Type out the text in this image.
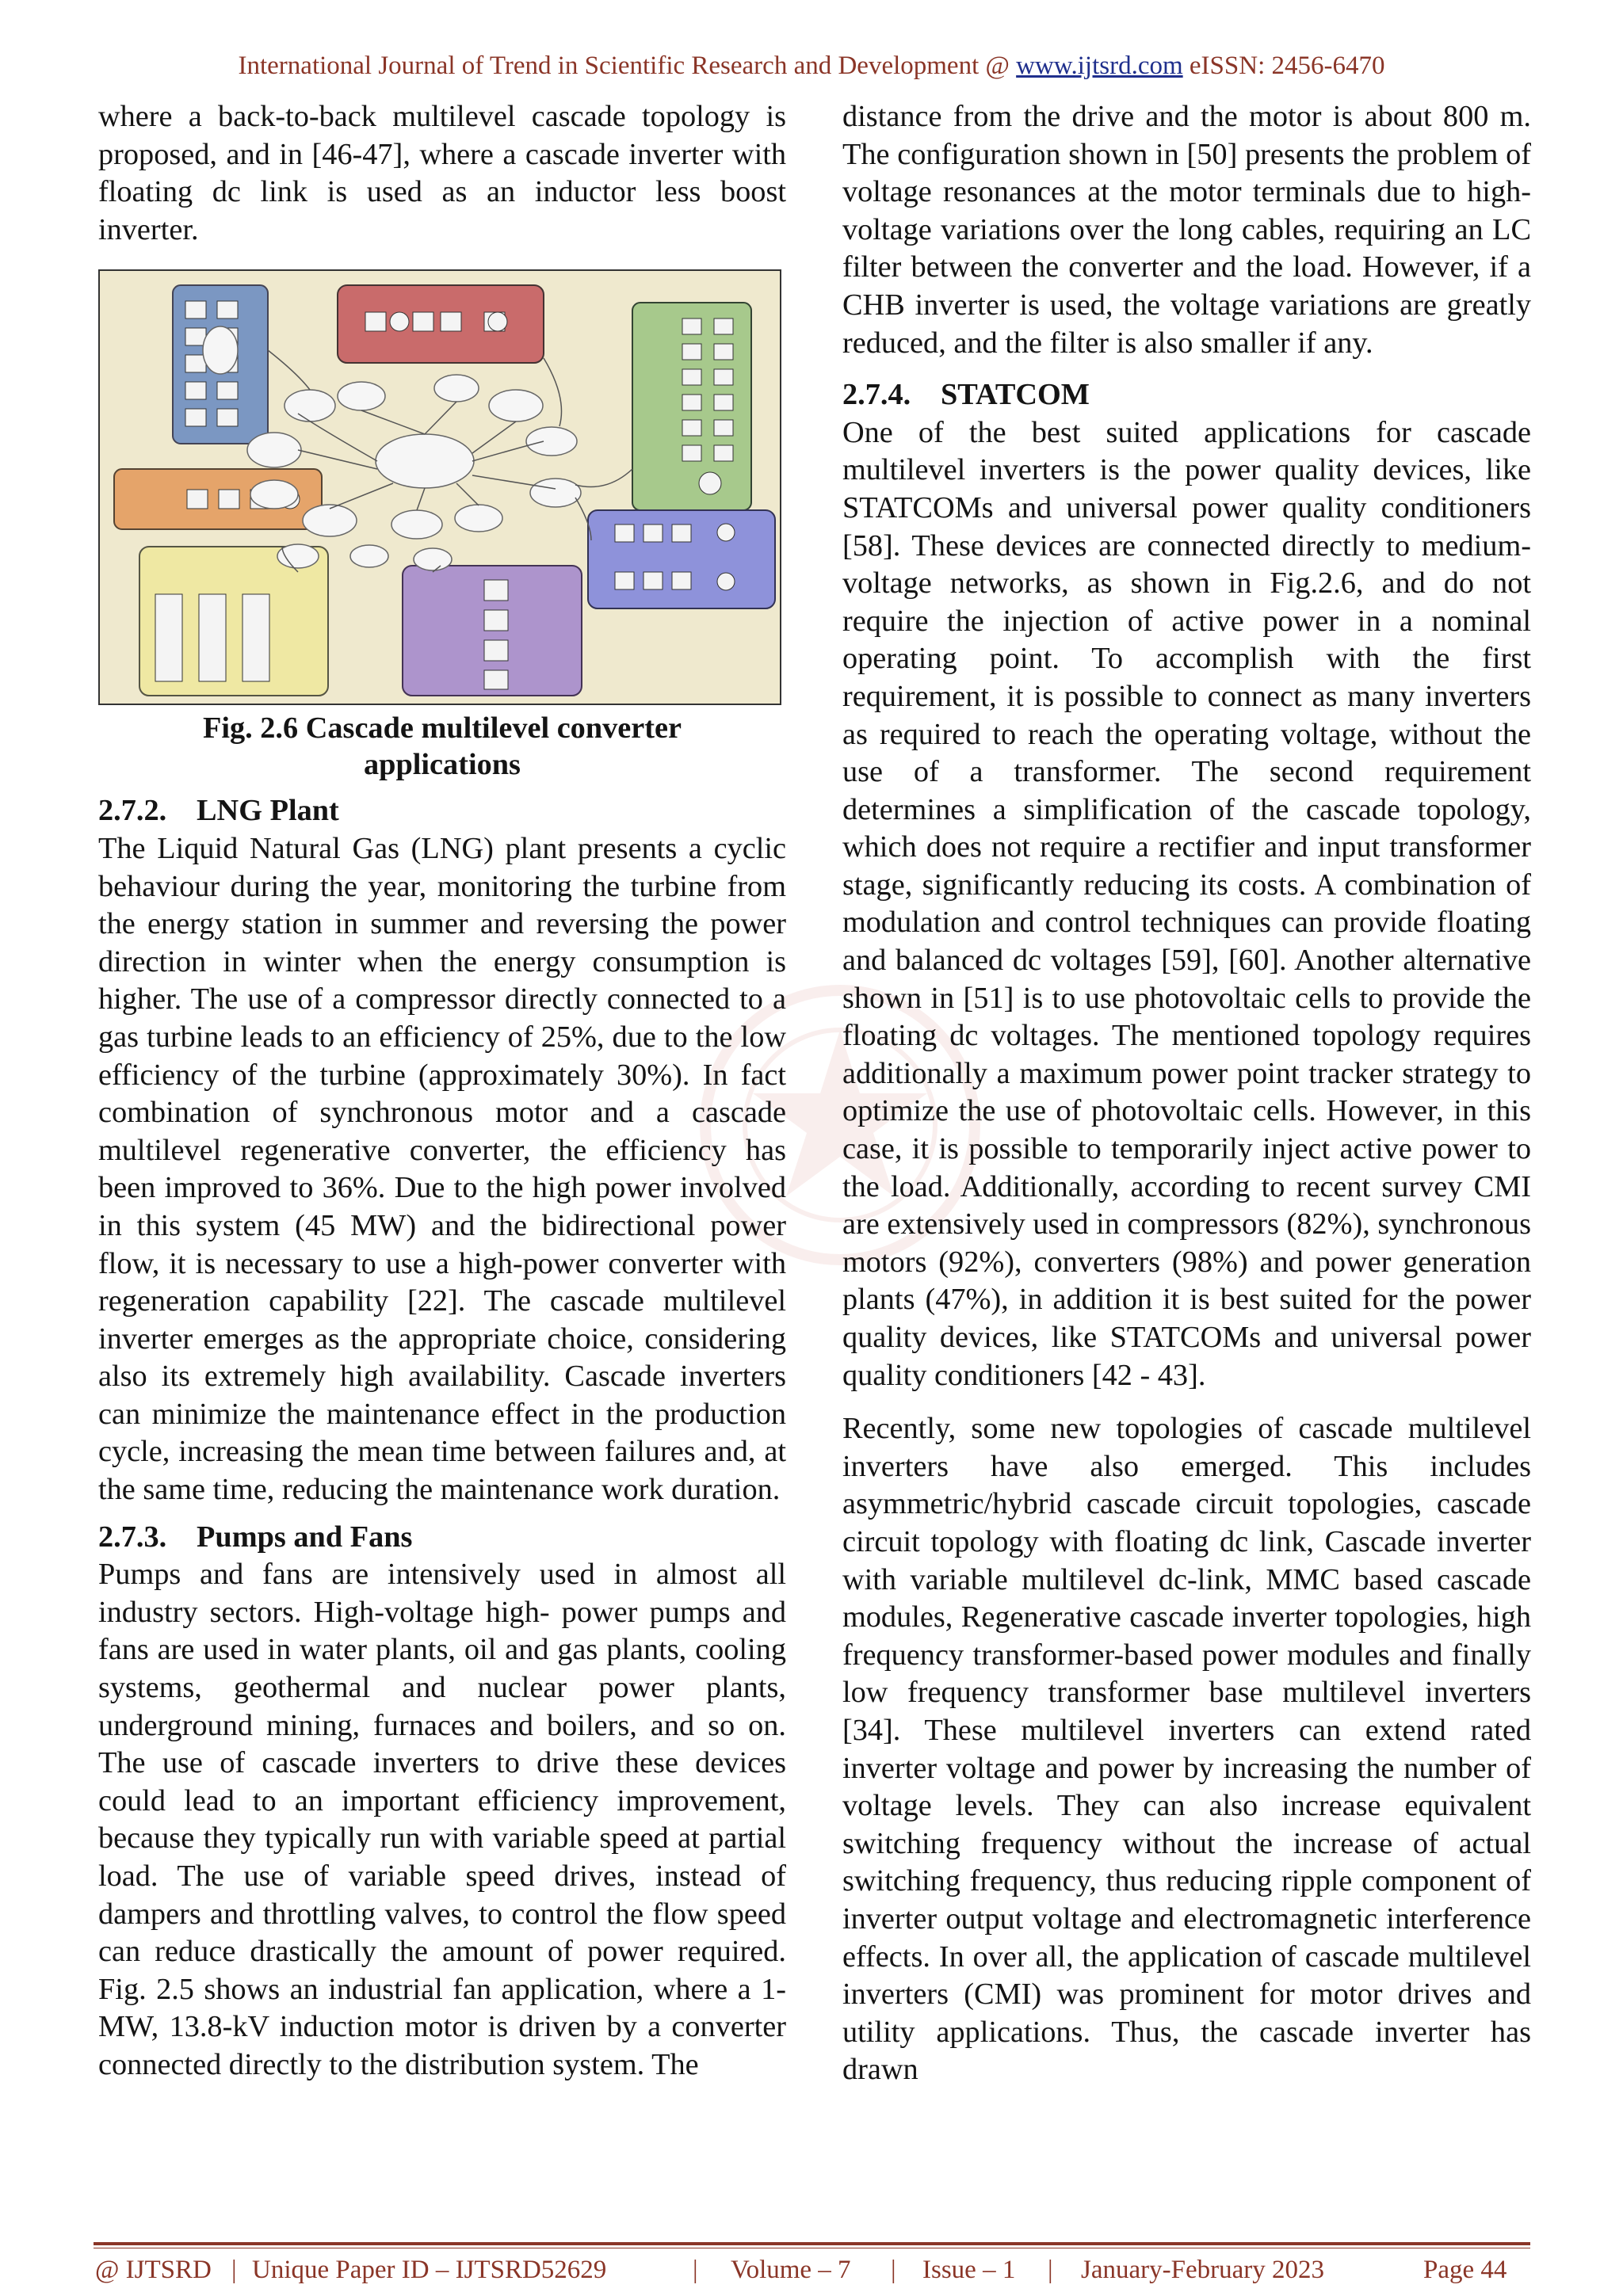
International Journal of Trend in Scientific Research and Development @ www.ijtsrd.com eISSN: 2456-6470

where a back-to-back multilevel cascade topology is proposed, and in [46-47], where a cascade inverter with floating dc link is used as an inductor less boost inverter.

Fig. 2.6 Cascade multilevel converter
applications
2.7.2. LNG Plant

The Liquid Natural Gas (LNG) plant presents a cyclic behaviour during the year, monitoring the turbine from the energy station in summer and reversing the power direction in winter when the energy consumption is higher. The use of a compressor directly connected to a gas turbine leads to an efficiency of 25%, due to the low efficiency of the turbine (approximately 30%). In fact combination of synchronous motor and a cascade multilevel regenerative converter, the efficiency has been improved to 36%. Due to the high power involved in this system (45 MW) and the bidirectional power flow, it is necessary to use a high-power converter with regeneration capability [22]. The cascade multilevel inverter emerges as the appropriate choice, considering also its extremely high availability. Cascade inverters can minimize the maintenance effect in the production cycle, increasing the mean time between failures and, at the same time, reducing the maintenance work duration.

2.7.3. Pumps and Fans

Pumps and fans are intensively used in almost all industry sectors. High-voltage high- power pumps and fans are used in water plants, oil and gas plants, cooling systems, geothermal and nuclear power plants, underground mining, furnaces and boilers, and so on. The use of cascade inverters to drive these devices could lead to an important efficiency improvement, because they typically run with variable speed at partial load. The use of variable speed drives, instead of dampers and throttling valves, to control the flow speed can reduce drastically the amount of power required. Fig. 2.5 shows an industrial fan application, where a 1-MW, 13.8-kV induction motor is driven by a converter connected directly to the distribution system. The

distance from the drive and the motor is about 800 m. The configuration shown in [50] presents the problem of voltage resonances at the motor terminals due to high-voltage variations over the long cables, requiring an LC filter between the converter and the load. However, if a CHB inverter is used, the voltage variations are greatly reduced, and the filter is also smaller if any.

2.7.4. STATCOM

One of the best suited applications for cascade multilevel inverters is the power quality devices, like STATCOMs and universal power quality conditioners [58]. These devices are connected directly to medium-voltage networks, as shown in Fig.2.6, and do not require the injection of active power in a nominal operating point. To accomplish with the first requirement, it is possible to connect as many inverters as required to reach the operating voltage, without the use of a transformer. The second requirement determines a simplification of the cascade topology, which does not require a rectifier and input transformer stage, significantly reducing its costs. A combination of modulation and control techniques can provide floating and balanced dc voltages [59], [60]. Another alternative shown in [51] is to use photovoltaic cells to provide the floating dc voltages. The mentioned topology requires additionally a maximum power point tracker strategy to optimize the use of photovoltaic cells. However, in this case, it is possible to temporarily inject active power to the load. Additionally, according to recent survey CMI are extensively used in compressors (82%), synchronous motors (92%), converters (98%) and power generation plants (47%), in addition it is best suited for the power quality devices, like STATCOMs and universal power quality conditioners [42 - 43].

Recently, some new topologies of cascade multilevel inverters have also emerged. This includes asymmetric/hybrid cascade circuit topologies, cascade circuit topology with floating dc link, Cascade inverter with variable multilevel dc-link, MMC based cascade modules, Regenerative cascade inverter topologies, high frequency transformer-based power modules and finally low frequency transformer base multilevel inverters [34]. These multilevel inverters can extend rated inverter voltage and power by increasing the number of voltage levels. They can also increase equivalent switching frequency without the increase of actual switching frequency, thus reducing ripple component of inverter output voltage and electromagnetic interference effects. In over all, the application of cascade multilevel inverters (CMI) was prominent for motor drives and utility applications. Thus, the cascade inverter has drawn

@ IJTSRD | Unique Paper ID – IJTSRD52629	| Volume – 7 | Issue – 1 | January-February 2023	Page 44
